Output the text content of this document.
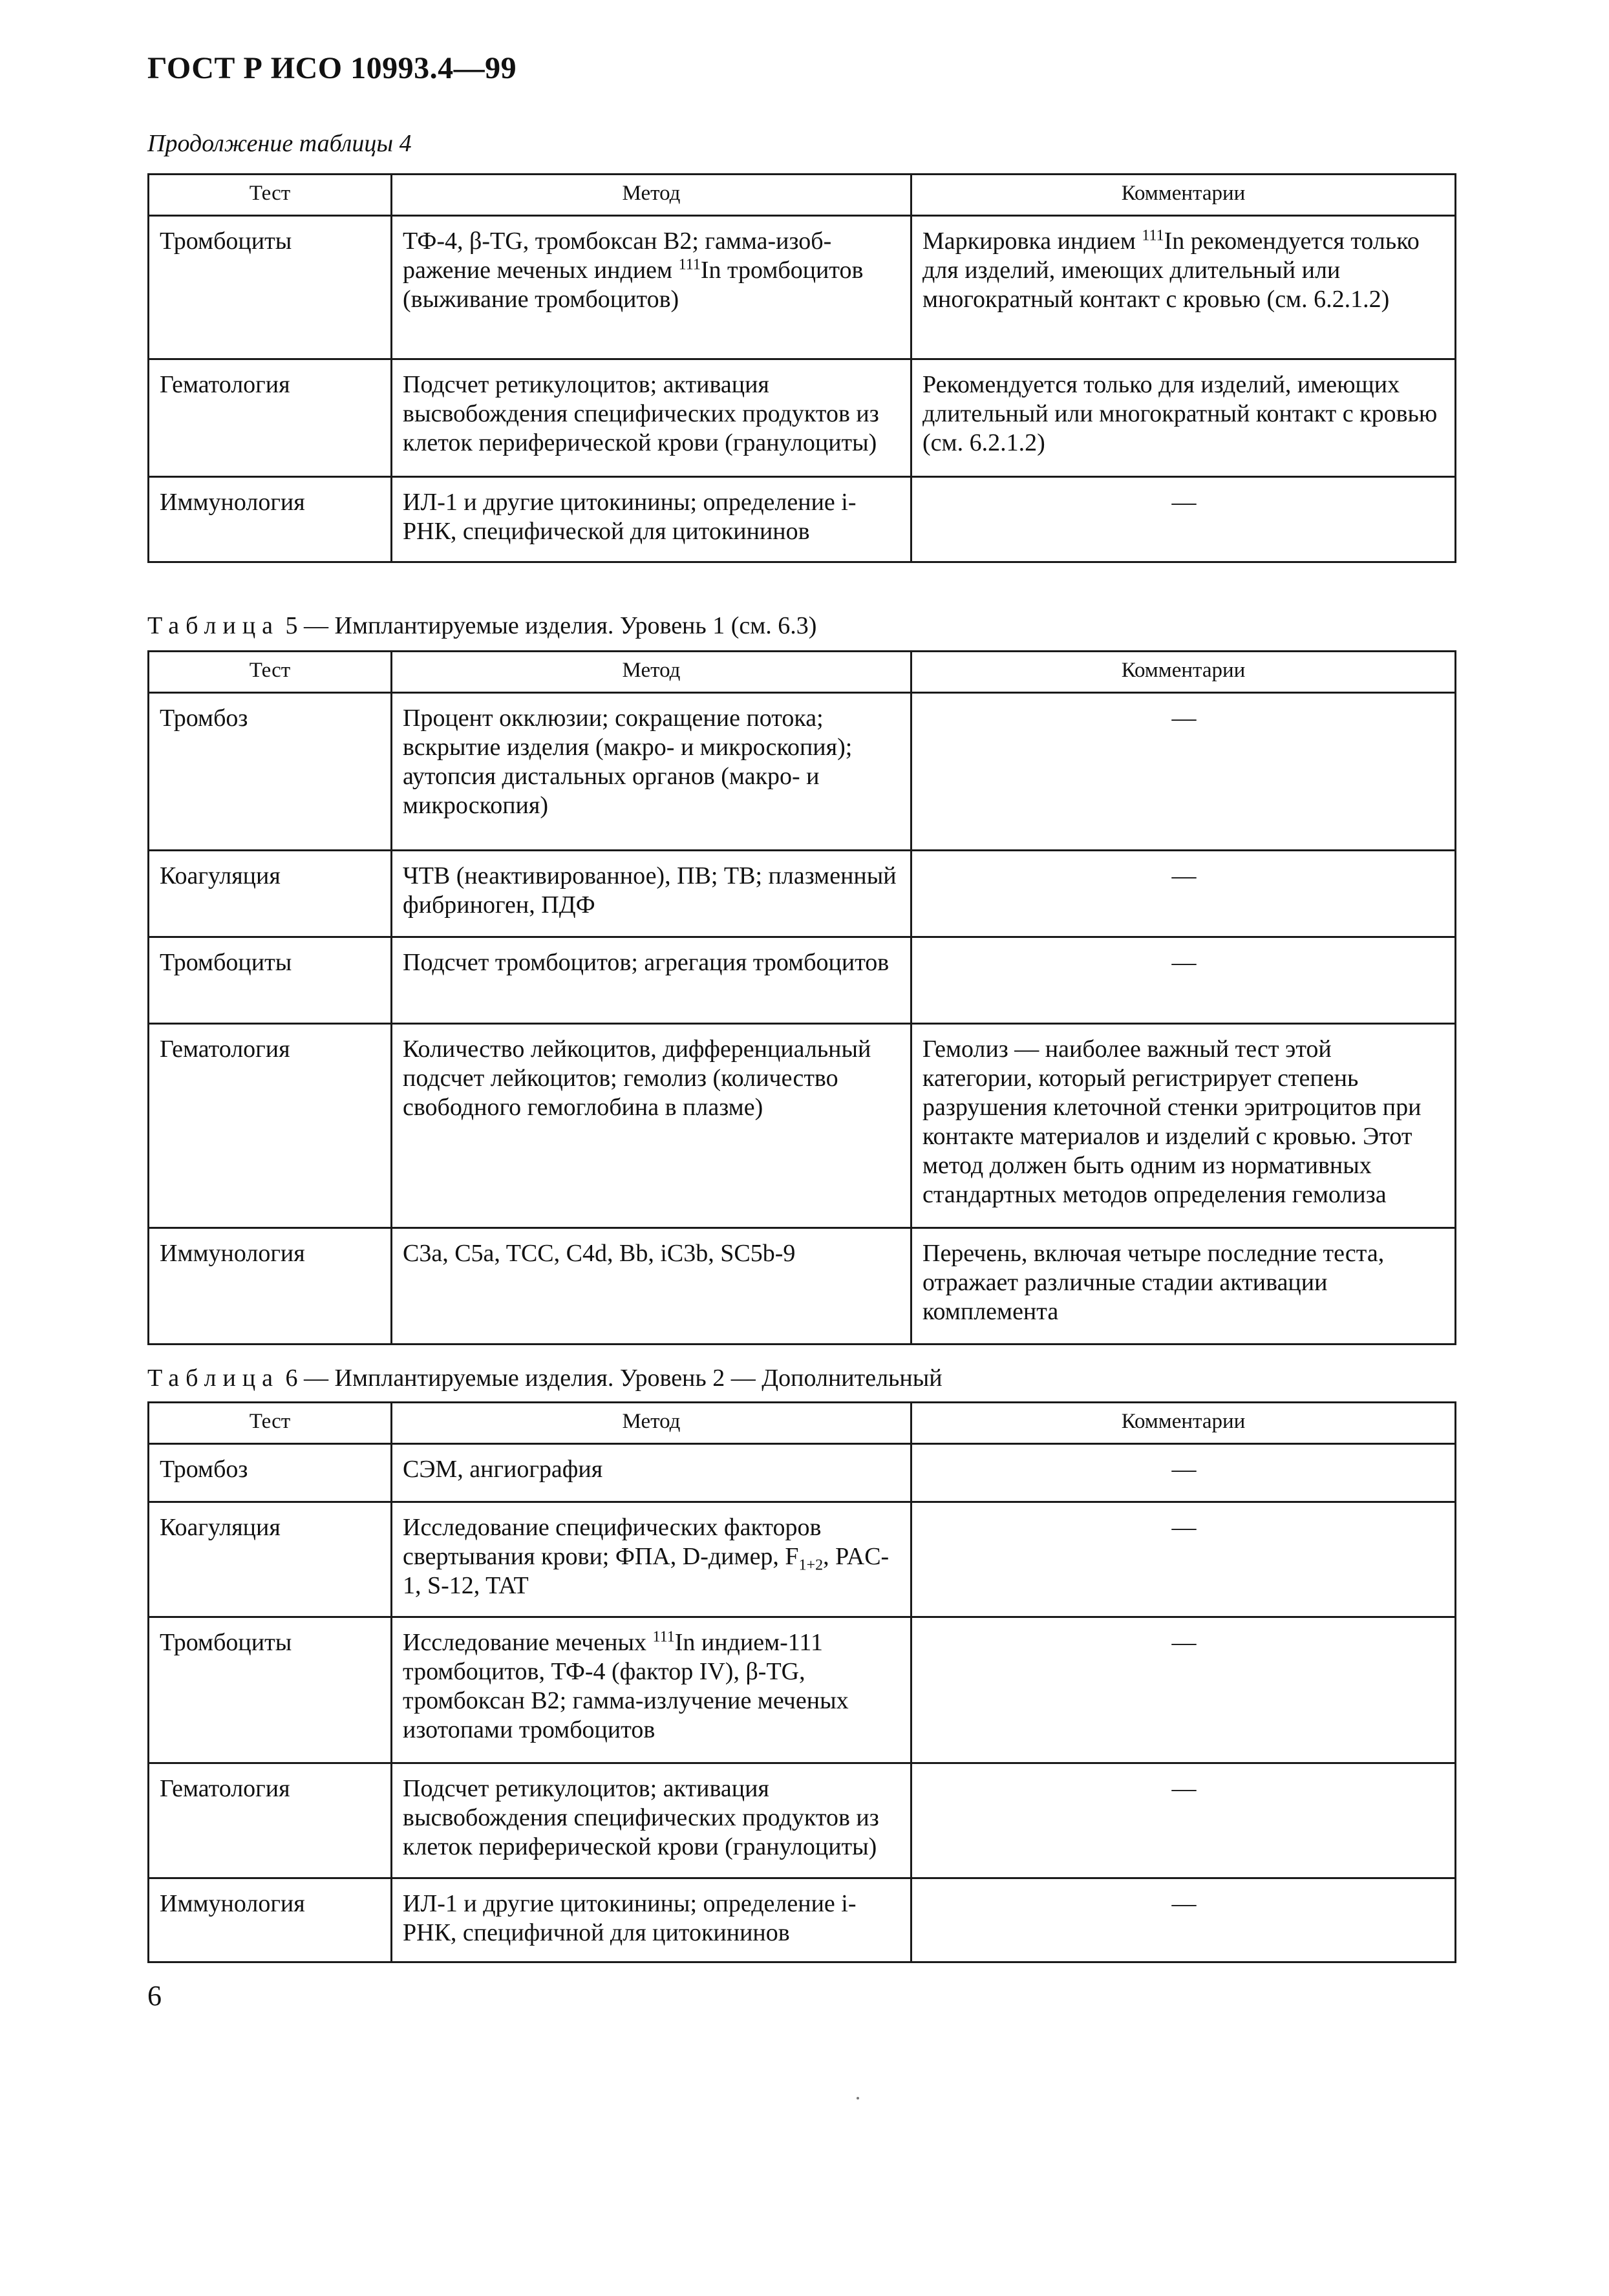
ГОСТ Р ИСО 10993.4—99
Продолжение таблицы 4
Тест	Метод	Комментарии
Тромбоциты	ТФ-4, β-TG, тромбоксан B2; гамма-изоб-ражение меченых индием $^{111}$In тромбоцитов (выживание тромбоцитов)	Маркировка индием $^{111}$In рекомендуется только для изделий, имеющих длительный или многократный контакт с кровью (см. 6.2.1.2)
Гематология	Подсчет ретикулоцитов; активация высвобождения специфических продуктов из клеток периферической крови (гранулоциты)	Рекомендуется только для изделий, имеющих длительный или многократный контакт с кровью (см. 6.2.1.2)
Иммунология	ИЛ-1 и другие цитокинины; определение i-РНК, специфической для цитокининов	—
Таблица 5 — Имплантируемые изделия. Уровень 1 (см. 6.3)
Тест	Метод	Комментарии
Тромбоз	Процент окклюзии; сокращение потока; вскрытие изделия (макро- и микроскопия); аутопсия дистальных органов (макро- и микроскопия)	—
Коагуляция	ЧТВ (неактивированное), ПВ; ТВ; плазменный фибриноген, ПДФ	—
Тромбоциты	Подсчет тромбоцитов; агрегация тромбоцитов	—
Гематология	Количество лейкоцитов, дифференциальный подсчет лейкоцитов; гемолиз (количество свободного гемоглобина в плазме)	Гемолиз — наиболее важный тест этой категории, который регистрирует степень разрушения клеточной стенки эритроцитов при контакте материалов и изделий с кровью. Этот метод должен быть одним из нормативных стандартных методов определения гемолиза
Иммунология	C3a, C5a, TCC, C4d, Bb, iC3b, SC5b-9	Перечень, включая четыре последние теста, отражает различные стадии активации комплемента
Таблица 6 — Имплантируемые изделия. Уровень 2 — Дополнительный
Тест	Метод	Комментарии
Тромбоз	СЭМ, ангиография	—
Коагуляция	Исследование специфических факторов свертывания крови; ФПА, D-димер, $F_{1+2}$, PAC-1, S-12, TAT	—
Тромбоциты	Исследование меченых $^{111}$In индием-111 тромбоцитов, ТФ-4 (фактор IV), β-TG, тромбоксан B2; гамма-излучение меченых изотопами тромбоцитов	—
Гематология	Подсчет ретикулоцитов; активация высвобождения специфических продуктов из клеток периферической крови (гранулоциты)	—
Иммунология	ИЛ-1 и другие цитокинины; определение i-РНК, специфичной для цитокининов	—
6
